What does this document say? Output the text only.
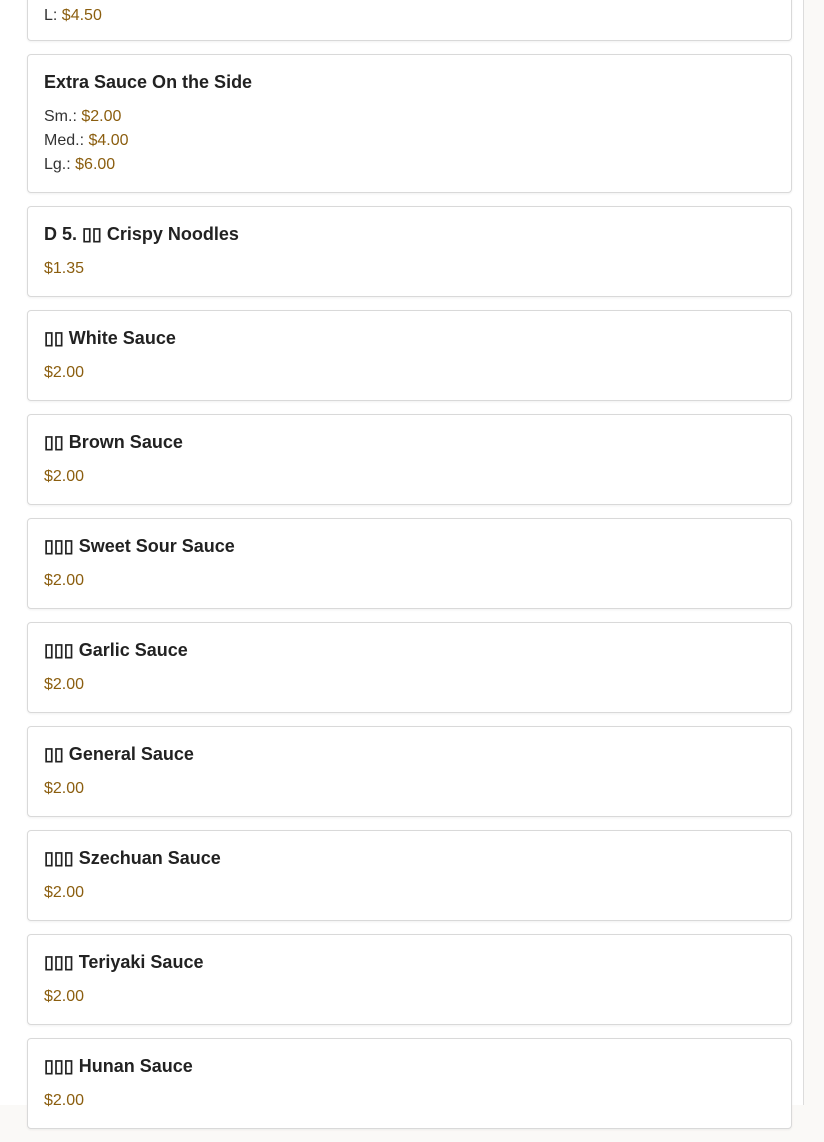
L: $4.50
Extra Sauce On the Side
Sm.: $2.00
Med.: $4.00
Lg.: $6.00
D 5. ▯▯ Crispy Noodles
$1.35
▯▯ White Sauce
$2.00
▯▯ Brown Sauce
$2.00
▯▯▯ Sweet Sour Sauce
$2.00
▯▯▯ Garlic Sauce
$2.00
▯▯ General Sauce
$2.00
▯▯▯ Szechuan Sauce
$2.00
▯▯▯ Teriyaki Sauce
$2.00
▯▯▯ Hunan Sauce
$2.00
